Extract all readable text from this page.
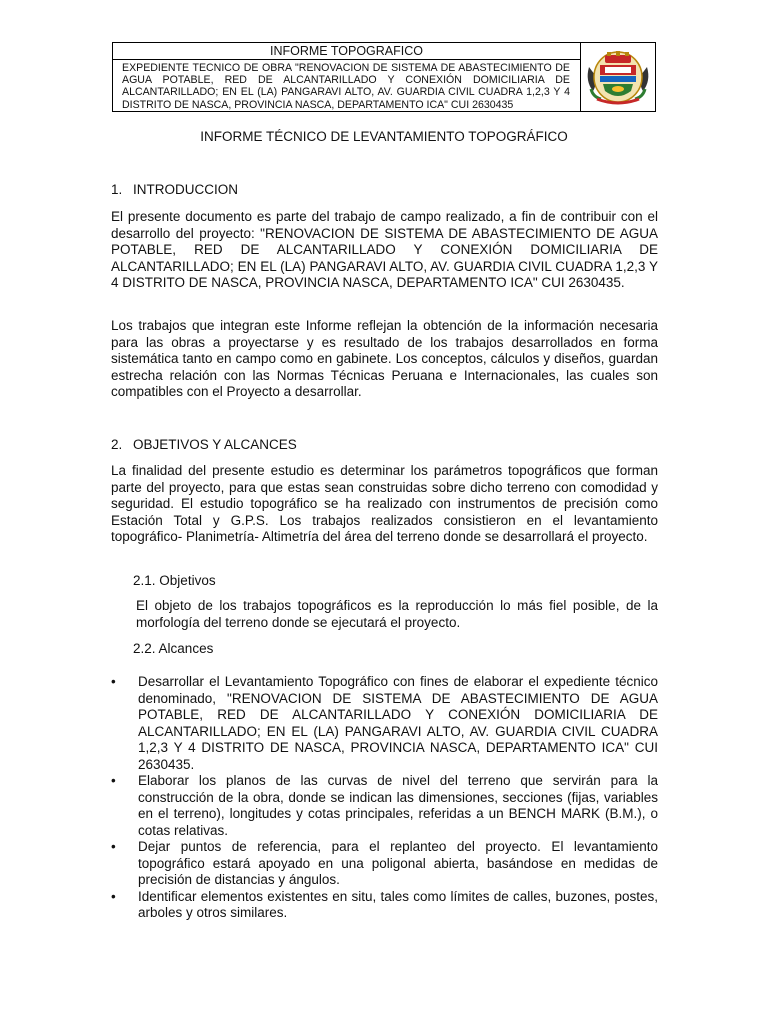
INFORME TOPOGRAFICO
EXPEDIENTE TECNICO DE OBRA "RENOVACION DE SISTEMA DE ABASTECIMIENTO DE AGUA POTABLE, RED DE ALCANTARILLADO Y CONEXIÓN DOMICILIARIA DE ALCANTARILLADO; EN EL (LA) PANGARAVI ALTO, AV. GUARDIA CIVIL CUADRA 1,2,3 Y 4 DISTRITO DE NASCA, PROVINCIA NASCA, DEPARTAMENTO ICA" CUI 2630435
INFORME TÉCNICO DE LEVANTAMIENTO TOPOGRÁFICO
1. INTRODUCCION

El presente documento es parte del trabajo de campo realizado, a fin de contribuir con el desarrollo del proyecto: "RENOVACION DE SISTEMA DE ABASTECIMIENTO DE AGUA POTABLE, RED DE ALCANTARILLADO Y CONEXIÓN DOMICILIARIA DE ALCANTARILLADO; EN EL (LA) PANGARAVI ALTO, AV. GUARDIA CIVIL CUADRA 1,2,3 Y 4 DISTRITO DE NASCA, PROVINCIA NASCA, DEPARTAMENTO ICA" CUI 2630435.

Los trabajos que integran este Informe reflejan la obtención de la información necesaria para las obras a proyectarse y es resultado de los trabajos desarrollados en forma sistemática tanto en campo como en gabinete. Los conceptos, cálculos y diseños, guardan estrecha relación con las Normas Técnicas Peruana e Internacionales, las cuales son compatibles con el Proyecto a desarrollar.

2. OBJETIVOS Y ALCANCES

La finalidad del presente estudio es determinar los parámetros topográficos que forman parte del proyecto, para que estas sean construidas sobre dicho terreno con comodidad y seguridad. El estudio topográfico se ha realizado con instrumentos de precisión como Estación Total y G.P.S. Los trabajos realizados consistieron en el levantamiento topográfico- Planimetría- Altimetría del área del terreno donde se desarrollará el proyecto.

2.1. Objetivos

El objeto de los trabajos topográficos es la reproducción lo más fiel posible, de la morfología del terreno donde se ejecutará el proyecto.

2.2. Alcances
• Desarrollar el Levantamiento Topográfico con fines de elaborar el expediente técnico denominado, "RENOVACION DE SISTEMA DE ABASTECIMIENTO DE AGUA POTABLE, RED DE ALCANTARILLADO Y CONEXIÓN DOMICILIARIA DE ALCANTARILLADO; EN EL (LA) PANGARAVI ALTO, AV. GUARDIA CIVIL CUADRA 1,2,3 Y 4 DISTRITO DE NASCA, PROVINCIA NASCA, DEPARTAMENTO ICA" CUI 2630435.
• Elaborar los planos de las curvas de nivel del terreno que servirán para la construcción de la obra, donde se indican las dimensiones, secciones (fijas, variables en el terreno), longitudes y cotas principales, referidas a un BENCH MARK (B.M.), o cotas relativas.
• Dejar puntos de referencia, para el replanteo del proyecto. El levantamiento topográfico estará apoyado en una poligonal abierta, basándose en medidas de precisión de distancias y ángulos.
• Identificar elementos existentes en situ, tales como límites de calles, buzones, postes, arboles y otros similares.
